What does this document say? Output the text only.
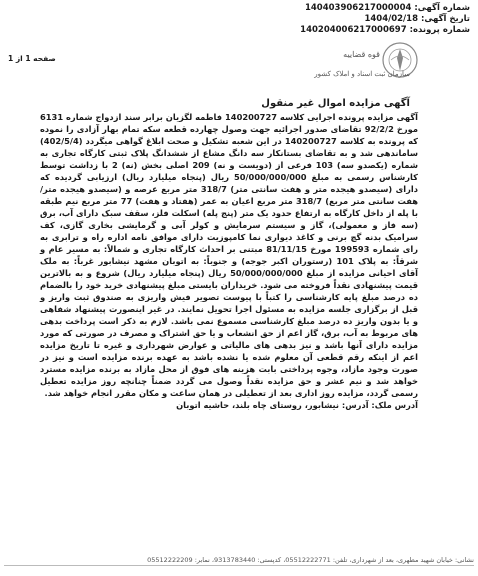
شماره آگهی: 140403906217000004
تاریخ آگهی: 1404/02/18
شماره پرونده: 140204006217000697
صفحه 1 از 1	قوه قضاییه
سازمان ثبت اسناد و املاک کشور
آگهی مزایده اموال غیر منقول

آگهی مزایده پرونده اجرایی کلاسه 140200727 فاطمه لگزیان برابر سند ازدواج شماره 6131 مورخ 92/2/2 تقاضای صدور اجرائیه جهت وصول چهارده قطعه سکه تمام بهار آزادی را نموده که پرونده به کلاسه 140200727 در این شعبه تشکیل و صحت ابلاغ گواهی میگردد (402/5/4) ساماندهی شد و به تقاضای بستانکار سه دانگ مشاع از ششدانگ پلاک ثبتی کارگاه تجاری به شماره (یکصدو سه) 103 فرعی از (دویست و نه) 209 اصلی بخش (نه) 2 با زداشت توسط کارشناس رسمی به مبلغ 50/000/000/000 ریال (پنجاه میلیارد ریال) ارزیابی گردیده که دارای (سیصدو هیجده متر و هفت سانتی متر) 318/7 متر مربع عرصه و (سیصدو هیجده متر/هفت سانتی متر مربع) 318/7 متر مربع اعیان به عمر (هفتاد و هفت) 77 متر مربع نیم طبقه با پله از داخل کارگاه به ارتفاع حدود یک متر (پنج پله) اسکلت فلز، سقف سبک دارای آب، برق (سه فاز و معمولی)، گاز و سیستم سرمایش و کولر آبی و گرمایشی بخاری گازی، کف سرامیک بدنه گچ برنی و کاغذ دیواری نما کامپوزیت دارای موافق نامه اداره راه و ترابری به رای شماره 199593 مورخ 81/11/15 مبتنی بر احداث کارگاه تجاری و شمالاً: به مسیر عام و شرقاً: به پلاک 101 (رستوران اکبر جوجه) و جنوباً: به اتوبان مشهد نیشابور غرباً: به ملک آقای احیانی مزایده از مبلغ 50/000/000/000 ریال (پنجاه میلیارد ریال) شروع و به بالاترین قیمت پیشنهادی نقداً فروخته می شود. خریداران بایستی مبلغ پیشنهادی خرید خود را بالضمام ده درصد مبلغ پایه کارشناسی را کتباً با پیوست تصویر فیش واریزی به صندوق ثبت واریز و قبل از برگزاری جلسه مزایده به مسئول اجرا تحویل نمایند. در غیر اینصورت پیشنهاد شفاهی و یا بدون واریز ده درصد مبلغ کارشناسی مسموع نمی باشد. لازم به ذکر است پرداخت بدهی های مربوط به آب، برق، گاز اعم از حق انشعاب و یا حق اشتراک و مصرف در صورتی که مورد مزایده دارای آنها باشد و نیز بدهی های مالیاتی و عوارض شهرداری و غیره تا تاریخ مزایده اعم از اینکه رقم قطعی آن معلوم شده یا نشده باشد به عهده برنده مزایده است و نیز در صورت وجود مازاد، وجوه پرداختی بابت هزینه های فوق از محل مازاد به برنده مزایده مسترد خواهد شد و نیم عشر و حق مزایده نقداً وصول می گردد ضمناً چنانچه روز مزایده تعطیل رسمی گردد، مزایده روز اداری بعد از تعطیلی در همان ساعت و مکان مقرر انجام خواهد شد.

آدرس ملک: آدرس: نیشابور، روستای چاه بلند، حاشیه اتوبان

نشانی: خیابان شهید مطهری، بعد از شهرداری، تلفن: 05512222771، کدپستی: 9313783440، نمابر: 05512222209
